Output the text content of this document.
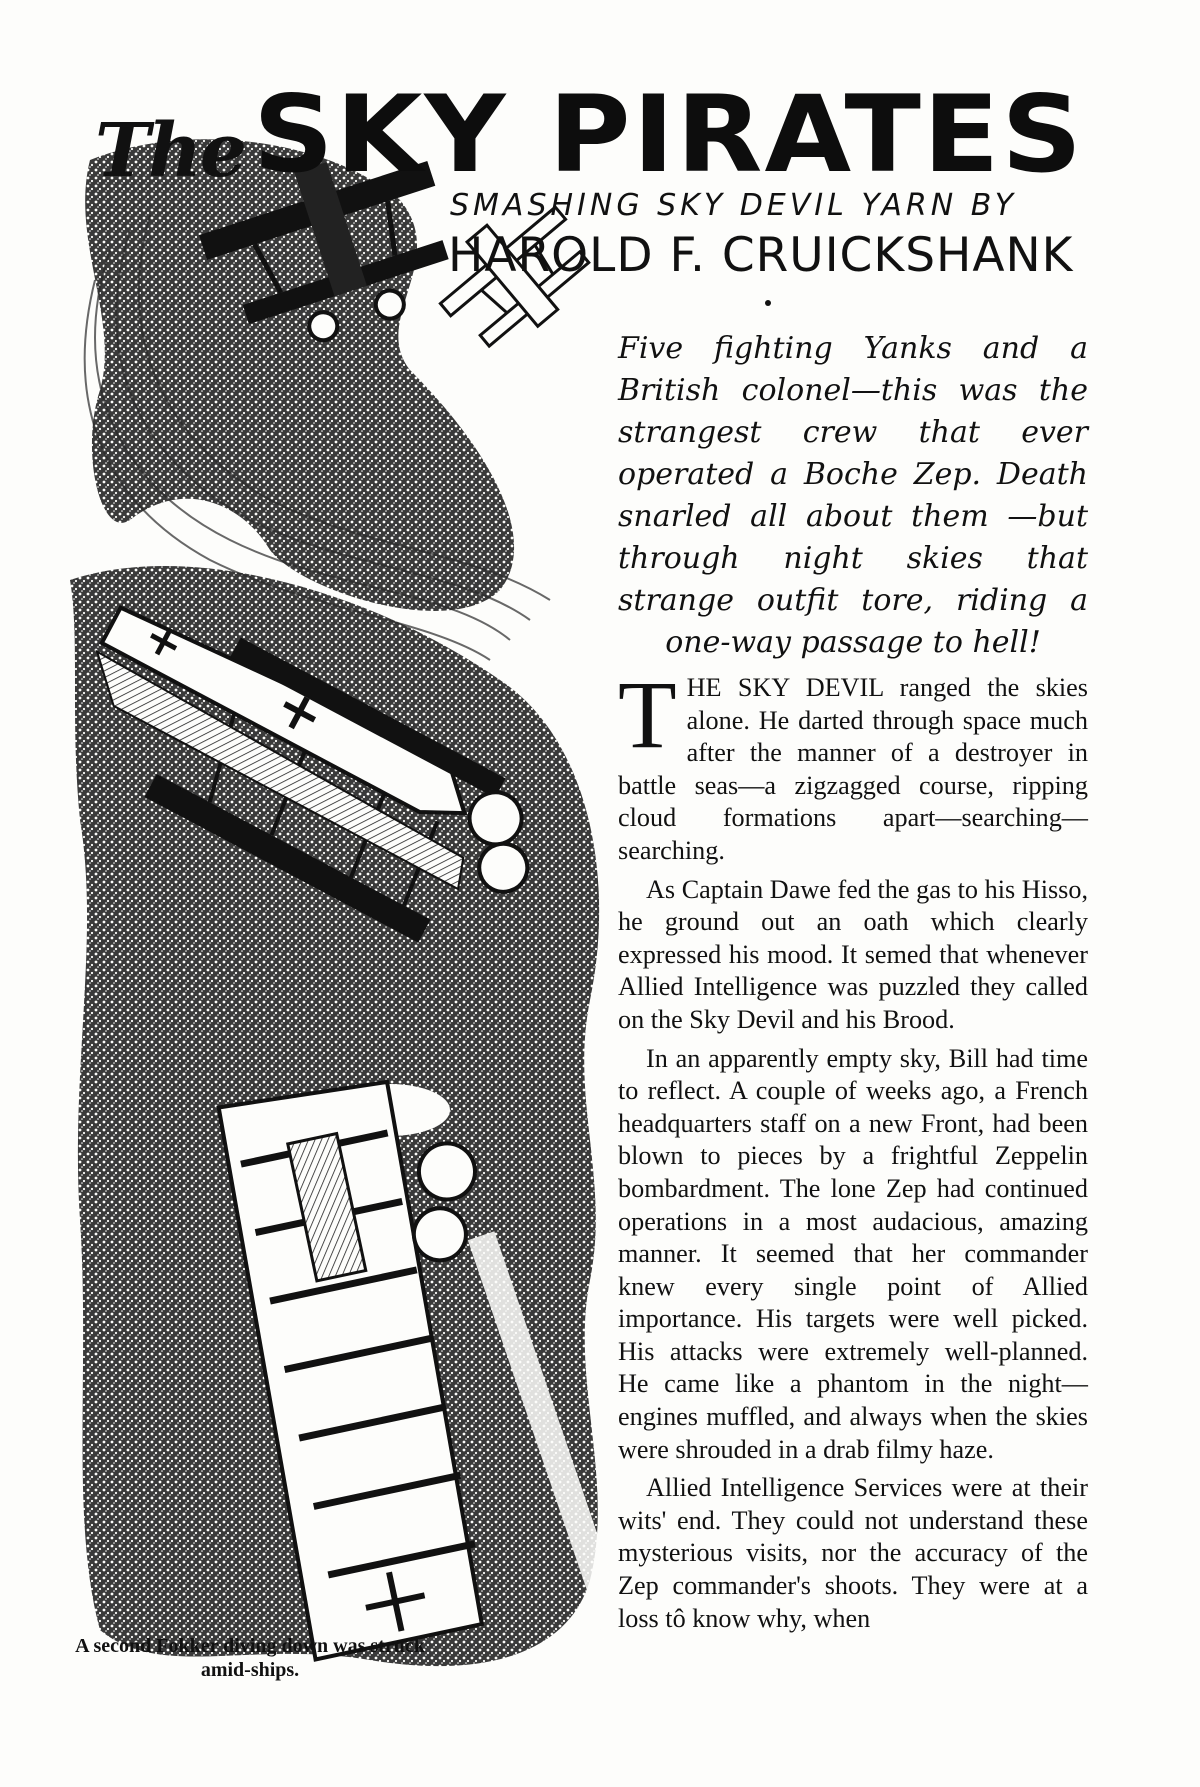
The SKY PIRATES
SMASHING SKY DEVIL YARN BY
HAROLD F. CRUICKSHANK
Five fighting Yanks and a British colonel—this was the strangest crew that ever operated a Boche Zep. Death snarled all about them —but through night skies that strange outfit tore, riding a one-way passage to hell!

THE SKY DEVIL ranged the skies alone. He darted through space much after the manner of a destroyer in battle seas—a zigzagged course, ripping cloud formations apart—searching—searching.

As Captain Dawe fed the gas to his Hisso, he ground out an oath which clearly expressed his mood. It semed that whenever Allied Intelligence was puzzled they called on the Sky Devil and his Brood.

In an apparently empty sky, Bill had time to reflect. A couple of weeks ago, a French headquarters staff on a new Front, had been blown to pieces by a frightful Zeppelin bombardment. The lone Zep had continued operations in a most audacious, amazing manner. It seemed that her commander knew every single point of Allied importance. His targets were well picked. His attacks were extremely well-planned. He came like a phantom in the night—engines muffled, and always when the skies were shrouded in a drab filmy haze.

Allied Intelligence Services were at their wits' end. They could not understand these mysterious visits, nor the accuracy of the Zep commander's shoots. They were at a loss tô know why, when

A second Fokker diving down was struck amid-ships.
